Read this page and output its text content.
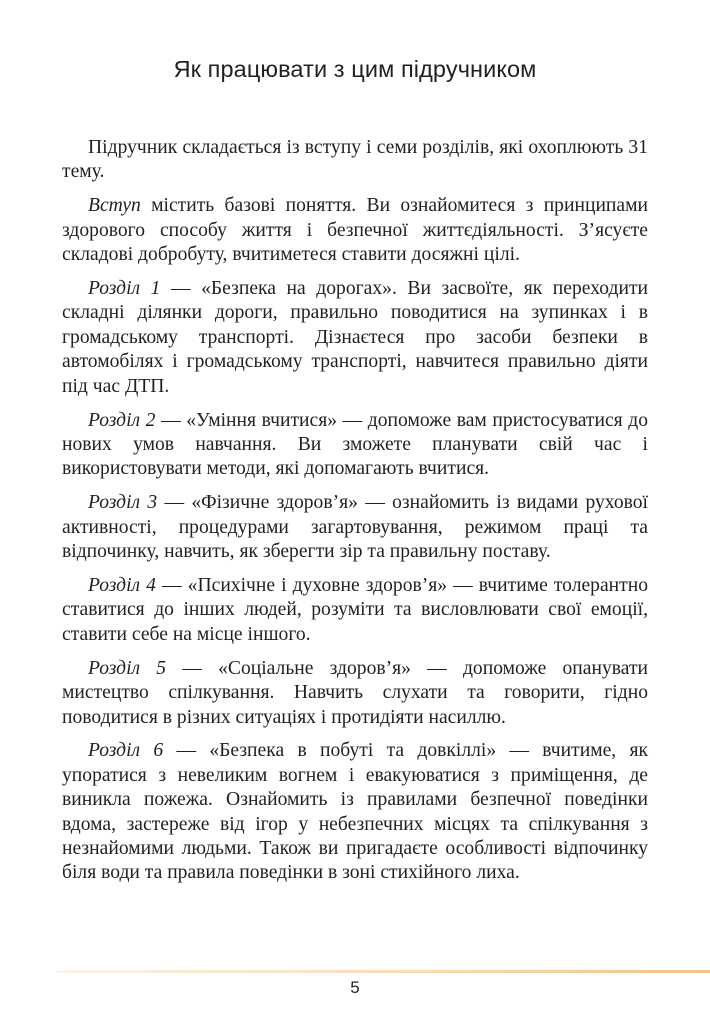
Як працювати з цим підручником

Підручник складається із вступу і семи розділів, які охоплюють 31 тему.

Вступ містить базові поняття. Ви ознайомитеся з принципами здорового способу життя і безпечної життєдіяльності. З’ясуєте складові добробуту, вчитиметеся ставити досяжні цілі.

Розділ 1 — «Безпека на дорогах». Ви засвоїте, як переходити складні ділянки дороги, правильно поводитися на зупинках і в громадському транспорті. Дізнаєтеся про засоби безпеки в автомобілях і громадському транспорті, навчитеся правильно діяти під час ДТП.

Розділ 2 — «Уміння вчитися» — допоможе вам пристосуватися до нових умов навчання. Ви зможете планувати свій час і використовувати методи, які допомагають вчитися.

Розділ 3 — «Фізичне здоров’я» — ознайомить із видами рухової активності, процедурами загартовування, режимом праці та відпочинку, навчить, як зберегти зір та правильну поставу.

Розділ 4 — «Психічне і духовне здоров’я» — вчитиме толерантно ставитися до інших людей, розуміти та висловлювати свої емоції, ставити себе на місце іншого.

Розділ 5 — «Соціальне здоров’я» — допоможе опанувати мистецтво спілкування. Навчить слухати та говорити, гідно поводитися в різних ситуаціях і протидіяти насиллю.

Розділ 6 — «Безпека в побуті та довкіллі» — вчитиме, як упоратися з невеликим вогнем і евакуюватися з приміщення, де виникла пожежа. Ознайомить із правилами безпечної поведінки вдома, застереже від ігор у небезпечних місцях та спілкування з незнайомими людьми. Також ви пригадаєте особливості відпочинку біля води та правила поведінки в зоні стихійного лиха.

5
